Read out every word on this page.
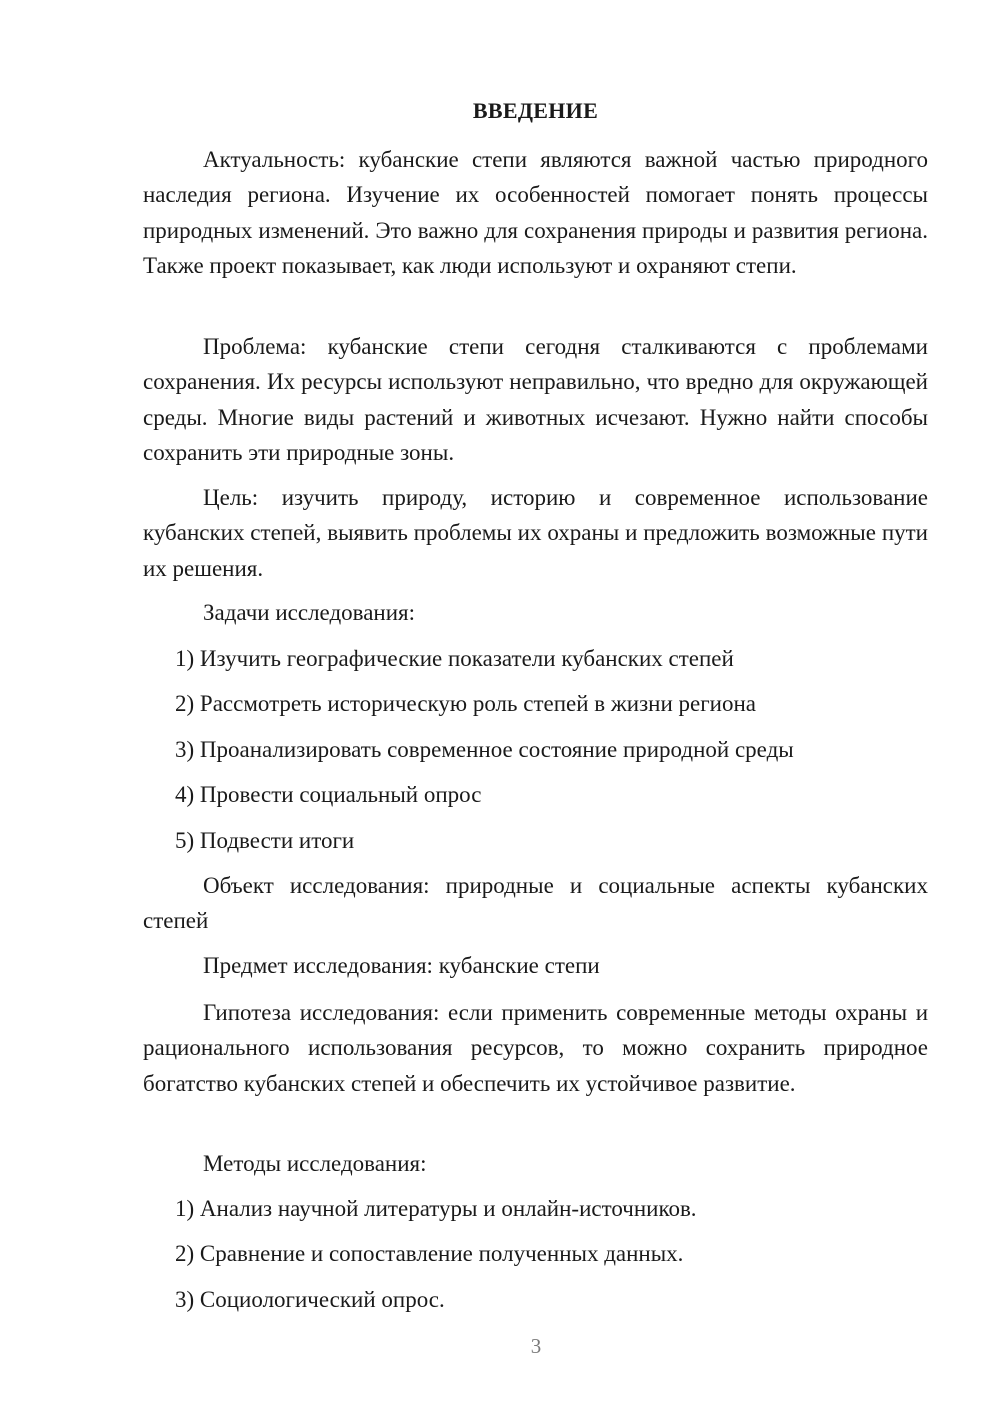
ВВЕДЕНИЕ
Актуальность: кубанские степи являются важной частью природного наследия региона. Изучение их особенностей помогает понять процессы природных изменений. Это важно для сохранения природы и развития региона. Также проект показывает, как люди используют и охраняют степи.
Проблема: кубанские степи сегодня сталкиваются с проблемами сохранения. Их ресурсы используют неправильно, что вредно для окружающей среды. Многие виды растений и животных исчезают. Нужно найти способы сохранить эти природные зоны.
Цель: изучить природу, историю и современное использование кубанских степей, выявить проблемы их охраны и предложить возможные пути их решения.
Задачи исследования:
1) Изучить географические показатели кубанских степей
2) Рассмотреть историческую роль степей в жизни региона
3) Проанализировать современное состояние природной среды
4) Провести социальный опрос
5) Подвести итоги
Объект исследования: природные и социальные аспекты кубанских степей
Предмет исследования: кубанские степи
Гипотеза исследования: если применить современные методы охраны и рационального использования ресурсов, то можно сохранить природное богатство кубанских степей и обеспечить их устойчивое развитие.
Методы исследования:
1) Анализ научной литературы и онлайн-источников.
2) Сравнение и сопоставление полученных данных.
3) Социологический опрос.
3
